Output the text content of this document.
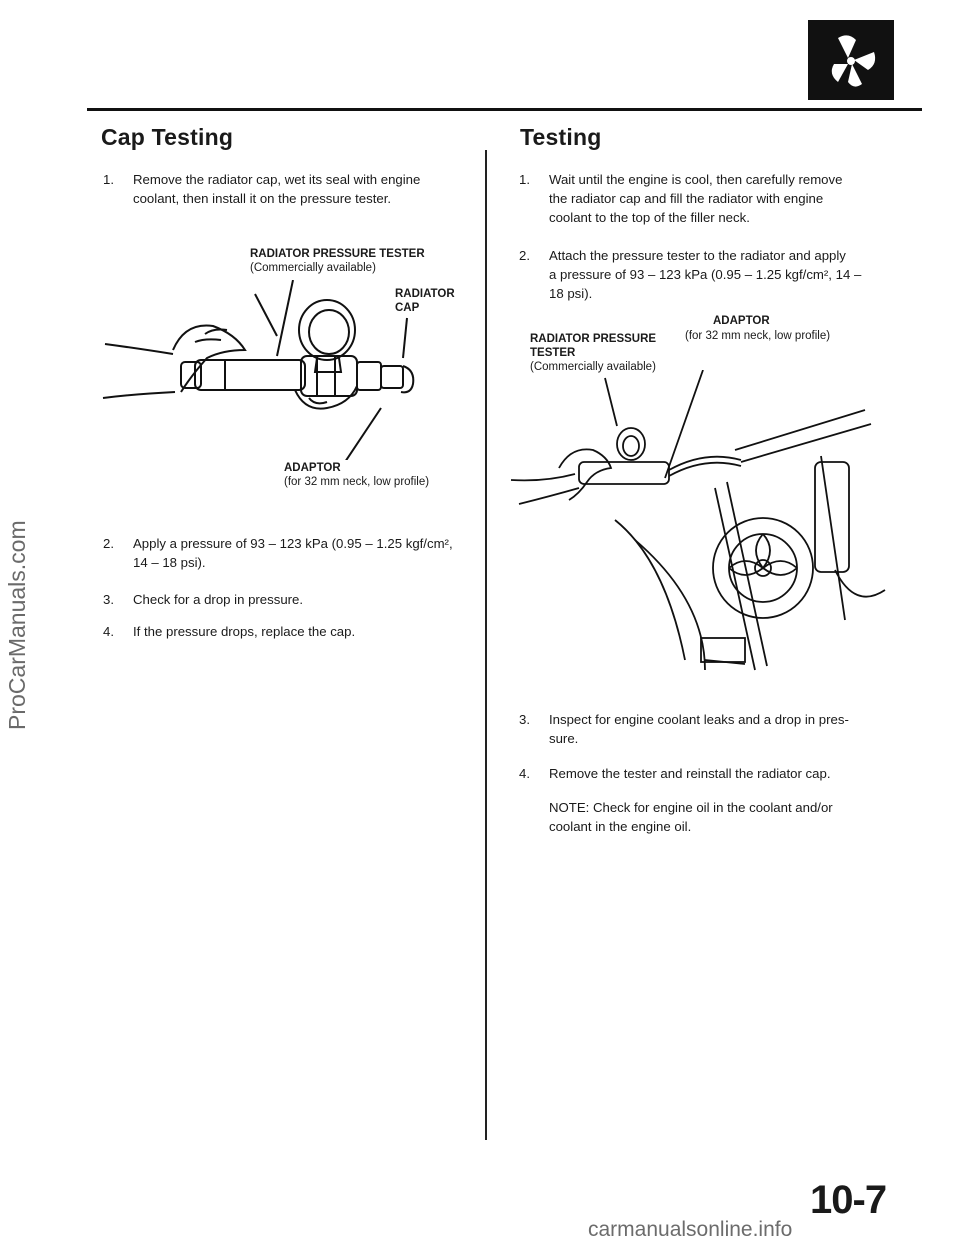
Cap Testing
1. Remove the radiator cap, wet its seal with engine
coolant, then install it on the pressure tester.
RADIATOR PRESSURE TESTER
(Commercially available)
RADIATOR
CAP
ADAPTOR
(for 32 mm neck, low profile)
2. Apply a pressure of 93 – 123 kPa (0.95 – 1.25 kgf/cm²,
14 – 18 psi).
3. Check for a drop in pressure.
4. If the pressure drops, replace the cap.
Testing
1. Wait until the engine is cool, then carefully remove
the radiator cap and fill the radiator with engine
coolant to the top of the filler neck.
2. Attach the pressure tester to the radiator and apply
a pressure of 93 – 123 kPa (0.95 – 1.25 kgf/cm², 14 –
18 psi).
ADAPTOR
(for 32 mm neck, low profile)
RADIATOR PRESSURE
TESTER
(Commercially available)
3. Inspect for engine coolant leaks and a drop in pres-
sure.
4. Remove the tester and reinstall the radiator cap.
NOTE: Check for engine oil in the coolant and/or
coolant in the engine oil.
10-7
ProCarManuals.com
carmanualsonline.info
